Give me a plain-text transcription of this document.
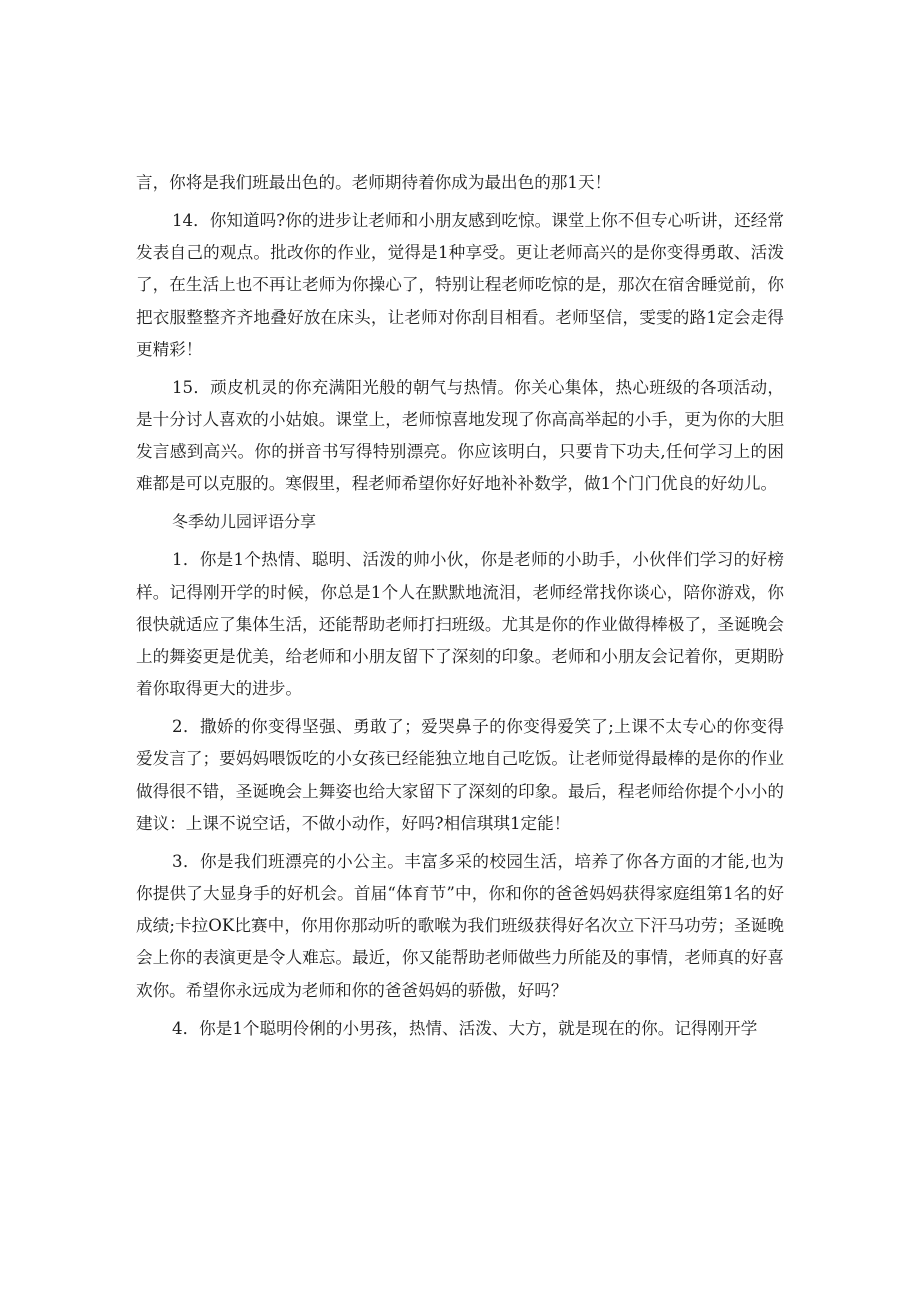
言，你将是我们班最出色的。老师期待着你成为最出色的那1天！

14．你知道吗?你的进步让老师和小朋友感到吃惊。课堂上你不但专心听讲，还经常发表自己的观点。批改你的作业，觉得是1种享受。更让老师高兴的是你变得勇敢、活泼了，在生活上也不再让老师为你操心了，特别让程老师吃惊的是，那次在宿舍睡觉前，你把衣服整整齐齐地叠好放在床头，让老师对你刮目相看。老师坚信，雯雯的路1定会走得更精彩！

15．顽皮机灵的你充满阳光般的朝气与热情。你关心集体，热心班级的各项活动，是十分讨人喜欢的小姑娘。课堂上，老师惊喜地发现了你高高举起的小手，更为你的大胆发言感到高兴。你的拼音书写得特别漂亮。你应该明白，只要肯下功夫,任何学习上的困难都是可以克服的。寒假里，程老师希望你好好地补补数学，做1个门门优良的好幼儿。

冬季幼儿园评语分享

1．你是1个热情、聪明、活泼的帅小伙，你是老师的小助手，小伙伴们学习的好榜样。记得刚开学的时候，你总是1个人在默默地流泪，老师经常找你谈心，陪你游戏，你很快就适应了集体生活，还能帮助老师打扫班级。尤其是你的作业做得棒极了，圣诞晚会上的舞姿更是优美，给老师和小朋友留下了深刻的印象。老师和小朋友会记着你，更期盼着你取得更大的进步。

2．撒娇的你变得坚强、勇敢了；爱哭鼻子的你变得爱笑了;上课不太专心的你变得爱发言了；要妈妈喂饭吃的小女孩已经能独立地自己吃饭。让老师觉得最棒的是你的作业做得很不错，圣诞晚会上舞姿也给大家留下了深刻的印象。最后，程老师给你提个小小的建议：上课不说空话，不做小动作，好吗?相信琪琪1定能！

3．你是我们班漂亮的小公主。丰富多采的校园生活，培养了你各方面的才能,也为你提供了大显身手的好机会。首届“体育节”中，你和你的爸爸妈妈获得家庭组第1名的好成绩;卡拉OK比赛中，你用你那动听的歌喉为我们班级获得好名次立下汗马功劳；圣诞晚会上你的表演更是令人难忘。最近，你又能帮助老师做些力所能及的事情，老师真的好喜欢你。希望你永远成为老师和你的爸爸妈妈的骄傲，好吗？

4．你是1个聪明伶俐的小男孩，热情、活泼、大方，就是现在的你。记得刚开学
